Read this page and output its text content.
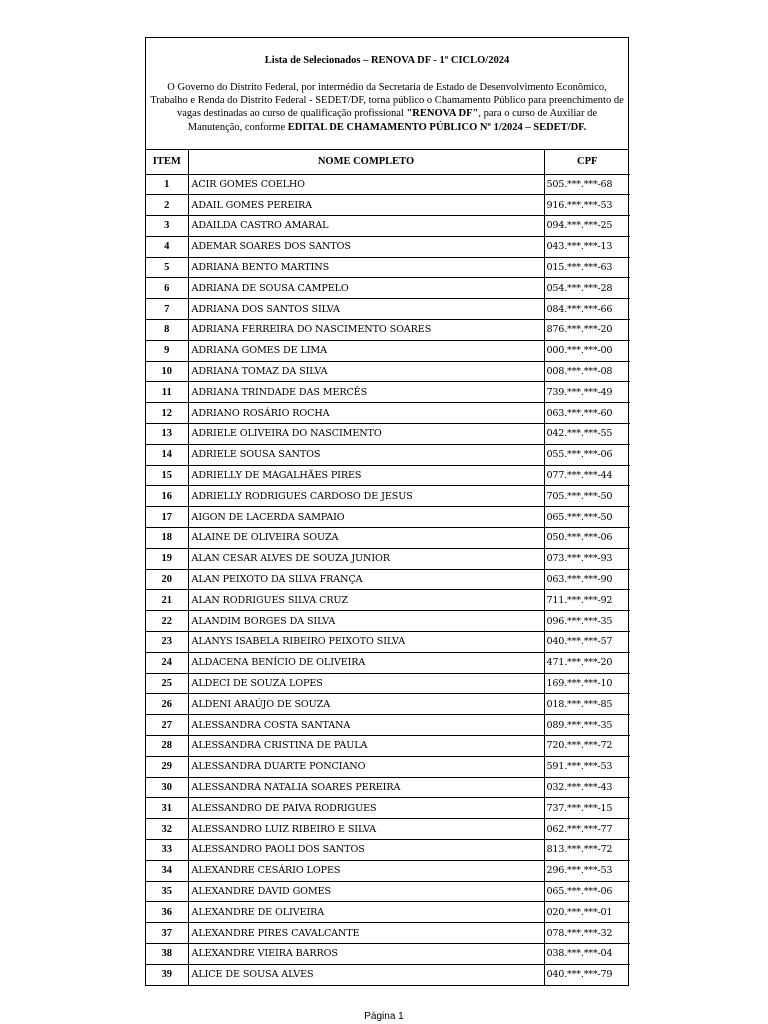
Lista de Selecionados – RENOVA DF - 1º CICLO/2024
O Governo do Distrito Federal, por intermédio da Secretaria de Estado de Desenvolvimento Econômico, Trabalho e Renda do Distrito Federal - SEDET/DF, torna público o Chamamento Público para preenchimento de vagas destinadas ao curso de qualificação profissional "RENOVA DF", para o curso de Auxiliar de Manutenção, conforme EDITAL DE CHAMAMENTO PÚBLICO Nº 1/2024 – SEDET/DF.
ITEM	NOME COMPLETO	CPF
1	ACIR GOMES COELHO	505.***.***-68
2	ADAIL GOMES PEREIRA	916.***.***-53
3	ADAILDA CASTRO AMARAL	094.***.***-25
4	ADEMAR SOARES DOS SANTOS	043.***.***-13
5	ADRIANA BENTO MARTINS	015.***.***-63
6	ADRIANA DE SOUSA CAMPELO	054.***.***-28
7	ADRIANA DOS SANTOS SILVA	084.***.***-66
8	ADRIANA FERREIRA DO NASCIMENTO SOARES	876.***.***-20
9	ADRIANA GOMES DE LIMA	000.***.***-00
10	ADRIANA TOMAZ DA SILVA	008.***.***-08
11	ADRIANA TRINDADE DAS MERCÊS	739.***.***-49
12	ADRIANO ROSÁRIO ROCHA	063.***.***-60
13	ADRIELE OLIVEIRA DO NASCIMENTO	042.***.***-55
14	ADRIELE SOUSA SANTOS	055.***.***-06
15	ADRIELLY DE MAGALHÃES PIRES	077.***.***-44
16	ADRIELLY RODRIGUES CARDOSO DE JESUS	705.***.***-50
17	AIGON DE LACERDA SAMPAIO	065.***.***-50
18	ALAINE DE OLIVEIRA SOUZA	050.***.***-06
19	ALAN CESAR ALVES DE SOUZA JUNIOR	073.***.***-93
20	ALAN PEIXOTO DA SILVA FRANÇA	063.***.***-90
21	ALAN RODRIGUES SILVA CRUZ	711.***.***-92
22	ALANDIM BORGES DA SILVA	096.***.***-35
23	ALANYS ISABELA RIBEIRO PEIXOTO SILVA	040.***.***-57
24	ALDACENA BENÍCIO DE OLIVEIRA	471.***.***-20
25	ALDECI DE SOUZA LOPES	169.***.***-10
26	ALDENI ARAÚJO DE SOUZA	018.***.***-85
27	ALESSANDRA COSTA SANTANA	089.***.***-35
28	ALESSANDRA CRISTINA DE PAULA	720.***.***-72
29	ALESSANDRA DUARTE PONCIANO	591.***.***-53
30	ALESSANDRA NATALIA SOARES PEREIRA	032.***.***-43
31	ALESSANDRO DE PAIVA RODRIGUES	737.***.***-15
32	ALESSANDRO LUIZ RIBEIRO E SILVA	062.***.***-77
33	ALESSANDRO PAOLI DOS SANTOS	813.***.***-72
34	ALEXANDRE CESÁRIO LOPES	296.***.***-53
35	ALEXANDRE DAVID GOMES	065.***.***-06
36	ALEXANDRE DE OLIVEIRA	020.***.***-01
37	ALEXANDRE PIRES CAVALCANTE	078.***.***-32
38	ALEXANDRE VIEIRA BARROS	038.***.***-04
39	ALICE DE SOUSA ALVES	040.***.***-79
Página 1
